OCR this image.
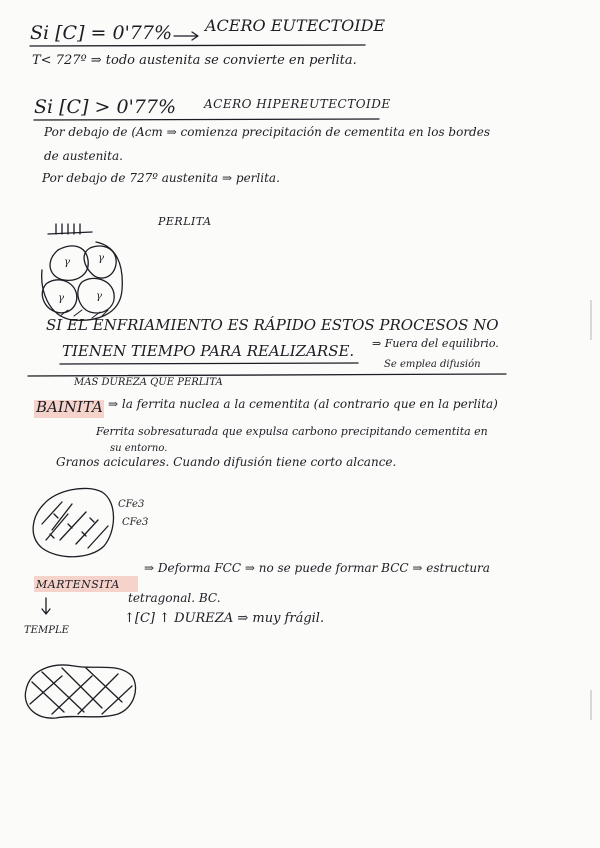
Si [C] = 0'77% ACERO EUTECTOIDE
T< 727º ⇒ todo austenita se convierte en perlita.
Si [C] > 0'77% ACERO HIPEREUTECTOIDE
Por debajo de (Acm ⇒ comienza precipitación de cementita en los bordes
de austenita.
Por debajo de 727º austenita ⇒ perlita.
PERLITA
γ	γ
γ	γ
SI EL ENFRIAMIENTO ES RÁPIDO ESTOS PROCESOS NO
TIENEN TIEMPO PARA REALIZARSE. ⇒ Fuera del equilibrio.
Se emplea difusión
MAS DUREZA QUE PERLITA
BAINITA ⇒ la ferrita nuclea a la cementita (al contrario que en la perlita)
Ferrita sobresaturada que expulsa carbono precipitando cementita en
su entorno.
Granos aciculares. Cuando difusión tiene corto alcance.
CFe3
CFe3
MARTENSITA
⇒ Deforma FCC ⇒ no se puede formar BCC ⇒ estructura
tetragonal. BC.
↑[C] ↑ DUREZA ⇒ muy frágil.
TEMPLE
